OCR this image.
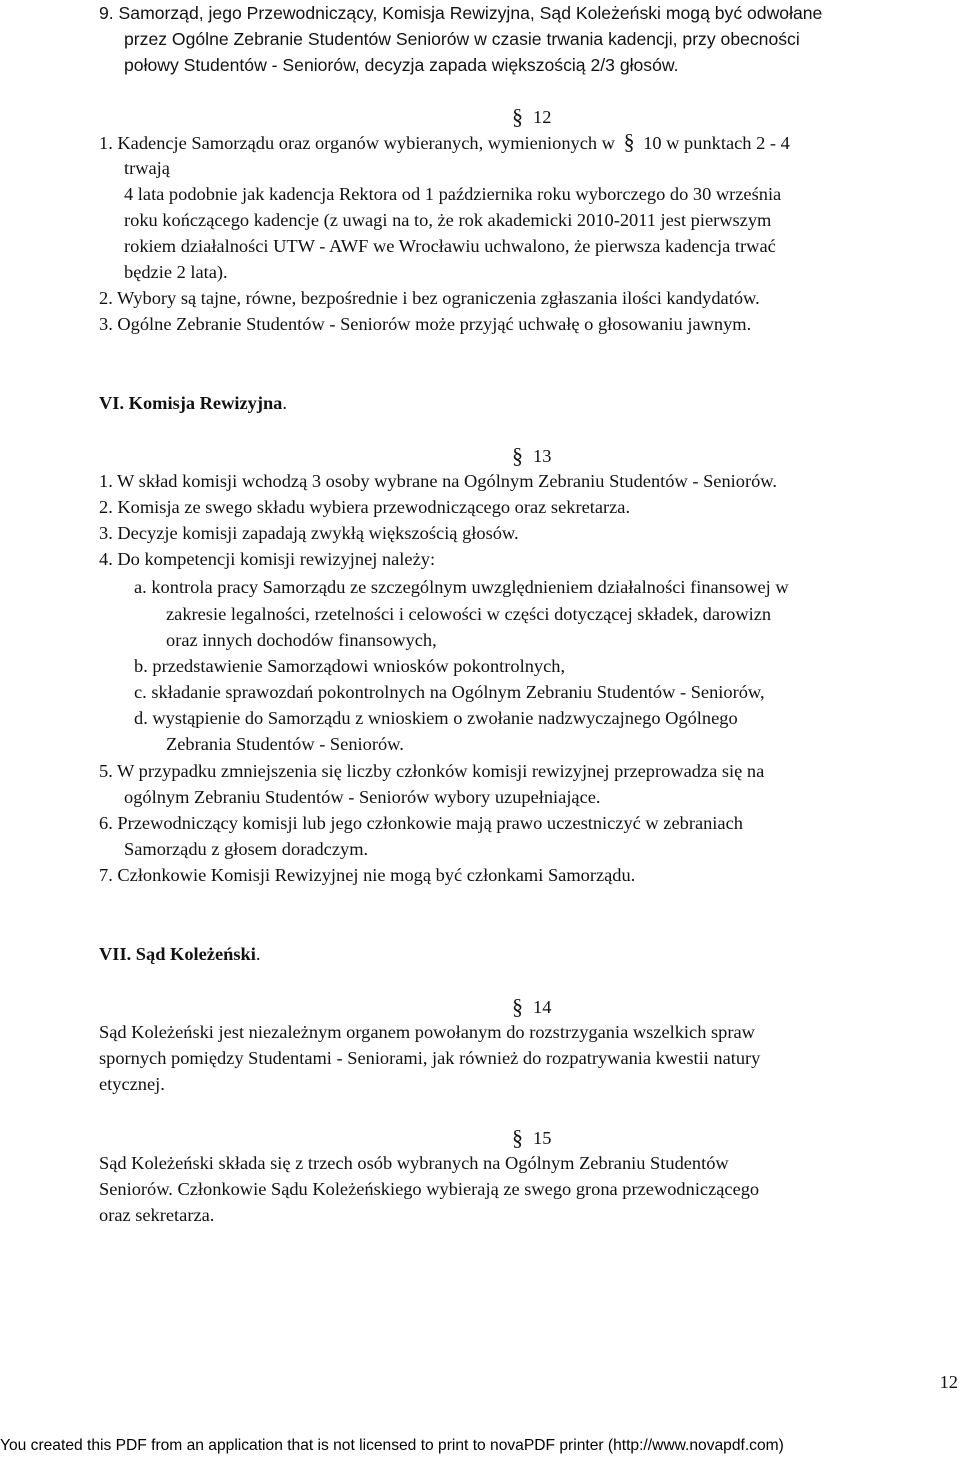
9. Samorząd, jego Przewodniczący, Komisja Rewizyjna, Sąd Koleżeński mogą być odwołane
przez Ogólne Zebranie Studentów Seniorów w czasie trwania kadencji, przy obecności
połowy Studentów - Seniorów, decyzja zapada większością 2/3 głosów.
§ 12
1. Kadencje Samorządu oraz organów wybieranych, wymienionych w § 10 w punktach 2 - 4
trwają
4 lata podobnie jak kadencja Rektora od 1 października roku wyborczego do 30 września
roku kończącego kadencje (z uwagi na to, że rok akademicki 2010-2011 jest pierwszym
rokiem działalności UTW - AWF we Wrocławiu uchwalono, że pierwsza kadencja trwać
będzie 2 lata).
2. Wybory są tajne, równe, bezpośrednie i bez ograniczenia zgłaszania ilości kandydatów.
3. Ogólne Zebranie Studentów - Seniorów może przyjąć uchwałę o głosowaniu jawnym.
VI. Komisja Rewizyjna.
§ 13
1. W skład komisji wchodzą 3 osoby wybrane na Ogólnym Zebraniu Studentów - Seniorów.
2. Komisja ze swego składu wybiera przewodniczącego oraz sekretarza.
3. Decyzje komisji zapadają zwykłą większością głosów.
4. Do kompetencji komisji rewizyjnej należy:
a. kontrola pracy Samorządu ze szczególnym uwzględnieniem działalności finansowej w
zakresie legalności, rzetelności i celowości w części dotyczącej składek, darowizn
oraz innych dochodów finansowych,
b. przedstawienie Samorządowi wniosków pokontrolnych,
c. składanie sprawozdań pokontrolnych na Ogólnym Zebraniu Studentów - Seniorów,
d. wystąpienie do Samorządu z wnioskiem o zwołanie nadzwyczajnego Ogólnego
Zebrania Studentów - Seniorów.
5. W przypadku zmniejszenia się liczby członków komisji rewizyjnej przeprowadza się na
ogólnym Zebraniu Studentów - Seniorów wybory uzupełniające.
6. Przewodniczący komisji lub jego członkowie mają prawo uczestniczyć w zebraniach
Samorządu z głosem doradczym.
7. Członkowie Komisji Rewizyjnej nie mogą być członkami Samorządu.
VII. Sąd Koleżeński.
§ 14
Sąd Koleżeński jest niezależnym organem powołanym do rozstrzygania wszelkich spraw
spornych pomiędzy Studentami - Seniorami, jak również do rozpatrywania kwestii natury
etycznej.
§ 15
Sąd Koleżeński składa się z trzech osób wybranych na Ogólnym Zebraniu Studentów
Seniorów. Członkowie Sądu Koleżeńskiego wybierają ze swego grona przewodniczącego
oraz sekretarza.
12
You created this PDF from an application that is not licensed to print to novaPDF printer (http://www.novapdf.com)
